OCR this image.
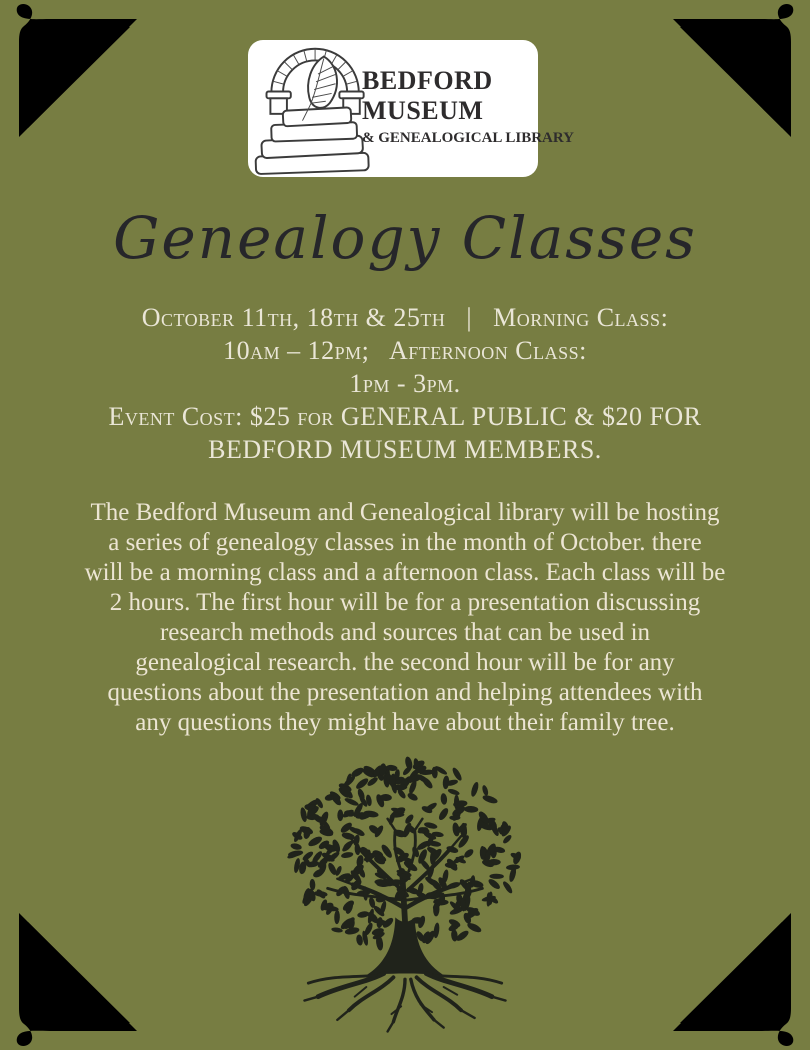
BEDFORD
MUSEUM
& GENEALOGICAL LIBRARY
Genealogy Classes
October 11th, 18th & 25th   |   Morning Class:
10am – 12pm;   Afternoon Class:
1pm - 3pm.
Event Cost: $25 for GENERAL PUBLIC & $20 FOR
BEDFORD MUSEUM MEMBERS.
The Bedford Museum and Genealogical library will be hosting
a series of genealogy classes in the month of October. there
will be a morning class and a afternoon class. Each class will be
2 hours. The first hour will be for a presentation discussing
research methods and sources that can be used in
genealogical research. the second hour will be for any
questions about the presentation and helping attendees with
any questions they might have about their family tree.
